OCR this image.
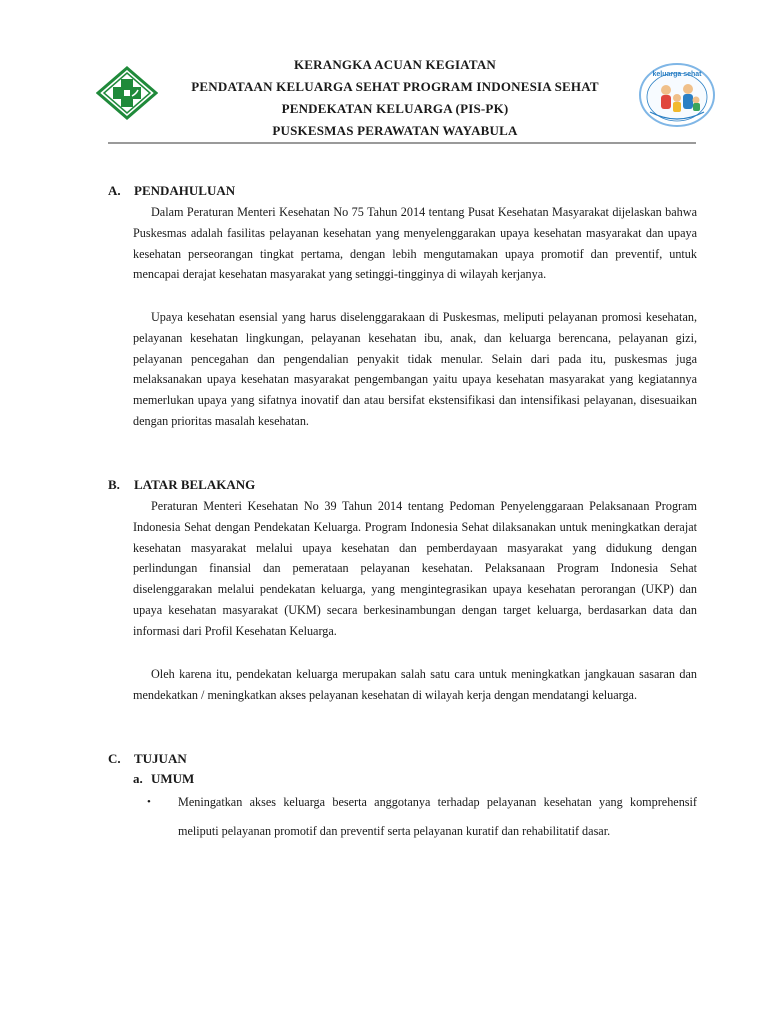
keluarga sehat
KERANGKA ACUAN KEGIATAN
PENDATAAN KELUARGA SEHAT PROGRAM INDONESIA SEHAT
PENDEKATAN KELUARGA (PIS-PK)
PUSKESMAS PERAWATAN WAYABULA
A. PENDAHULUAN

Dalam Peraturan Menteri Kesehatan No 75 Tahun 2014 tentang Pusat Kesehatan Masyarakat dijelaskan bahwa Puskesmas adalah fasilitas pelayanan kesehatan yang menyelenggarakan upaya kesehatan masyarakat dan upaya kesehatan perseorangan tingkat pertama, dengan lebih mengutamakan upaya promotif dan preventif, untuk mencapai derajat kesehatan masyarakat yang setinggi-tingginya di wilayah kerjanya.

Upaya kesehatan esensial yang harus diselenggarakaan di Puskesmas, meliputi pelayanan promosi kesehatan, pelayanan kesehatan lingkungan, pelayanan kesehatan ibu, anak, dan keluarga berencana, pelayanan gizi, pelayanan pencegahan dan pengendalian penyakit tidak menular. Selain dari pada itu, puskesmas juga melaksanakan upaya kesehatan masyarakat pengembangan yaitu upaya kesehatan masyarakat yang kegiatannya memerlukan upaya yang sifatnya inovatif dan atau bersifat ekstensifikasi dan intensifikasi pelayanan, disesuaikan dengan prioritas masalah kesehatan.

B. LATAR BELAKANG

Peraturan Menteri Kesehatan No 39 Tahun 2014 tentang Pedoman Penyelenggaraan Pelaksanaan Program Indonesia Sehat dengan Pendekatan Keluarga. Program Indonesia Sehat dilaksanakan untuk meningkatkan derajat kesehatan masyarakat melalui upaya kesehatan dan pemberdayaan masyarakat yang didukung dengan perlindungan finansial dan pemerataan pelayanan kesehatan. Pelaksanaan Program Indonesia Sehat diselenggarakan melalui pendekatan keluarga, yang mengintegrasikan upaya kesehatan perorangan (UKP) dan upaya kesehatan masyarakat (UKM) secara berkesinambungan dengan target keluarga, berdasarkan data dan informasi dari Profil Kesehatan Keluarga.

Oleh karena itu, pendekatan keluarga merupakan salah satu cara untuk meningkatkan jangkauan sasaran dan mendekatkan / meningkatkan akses pelayanan kesehatan di wilayah kerja dengan mendatangi keluarga.

C. TUJUAN
a. UMUM
• Meningatkan akses keluarga beserta anggotanya terhadap pelayanan kesehatan yang komprehensif meliputi pelayanan promotif dan preventif serta pelayanan kuratif dan rehabilitatif dasar.
